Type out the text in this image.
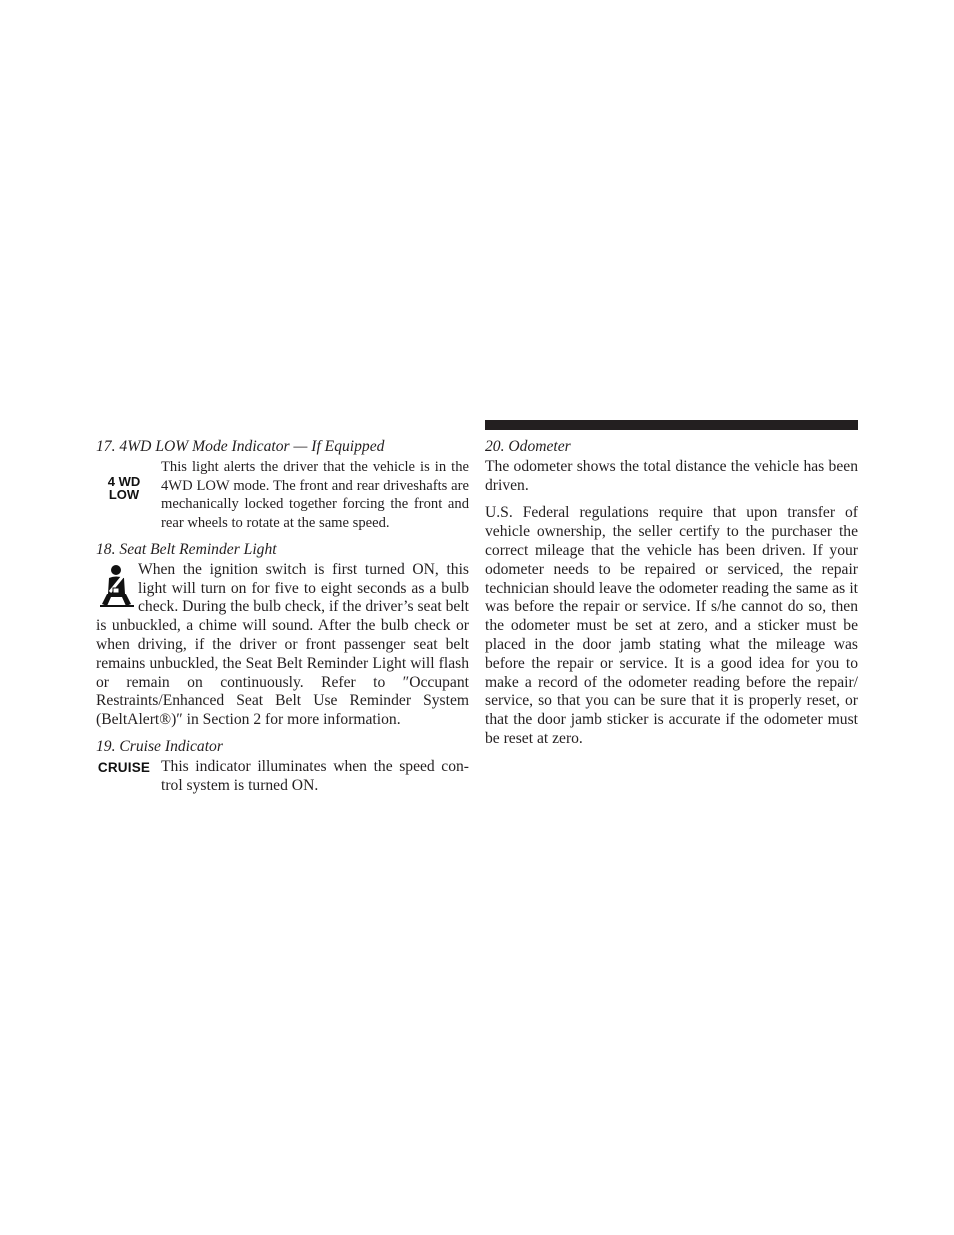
17. 4WD LOW Mode Indicator — If Equipped
4 WD
LOW

This light alerts the driver that the vehicle is in the 4WD LOW mode. The front and rear driveshafts are mechanically locked together forcing the front and rear wheels to rotate at the same speed.

18. Seat Belt Reminder Light

When the ignition switch is first turned ON, this light will turn on for five to eight seconds as a bulb check. During the bulb check, if the driver’s seat belt is unbuckled, a chime will sound. After the bulb check or when driving, if the driver or front passenger seat belt remains unbuckled, the Seat Belt Reminder Light will flash or remain on continuously. Refer to ″Occupant Restraints/Enhanced Seat Belt Use Reminder System (BeltAlert®)″ in Section 2 for more information.

19. Cruise Indicator
CRUISE This indicator illuminates when the speed con-trol system is turned ON.

20. Odometer

The odometer shows the total distance the vehicle has been driven.

U.S. Federal regulations require that upon transfer of vehicle ownership, the seller certify to the purchaser the correct mileage that the vehicle has been driven. If your odometer needs to be repaired or serviced, the repair technician should leave the odometer reading the same as it was before the repair or service. If s/he cannot do so, then the odometer must be set at zero, and a sticker must be placed in the door jamb stating what the mileage was before the repair or service. It is a good idea for you to make a record of the odometer reading before the repair/ service, so that you can be sure that it is properly reset, or that the door jamb sticker is accurate if the odometer must be reset at zero.
